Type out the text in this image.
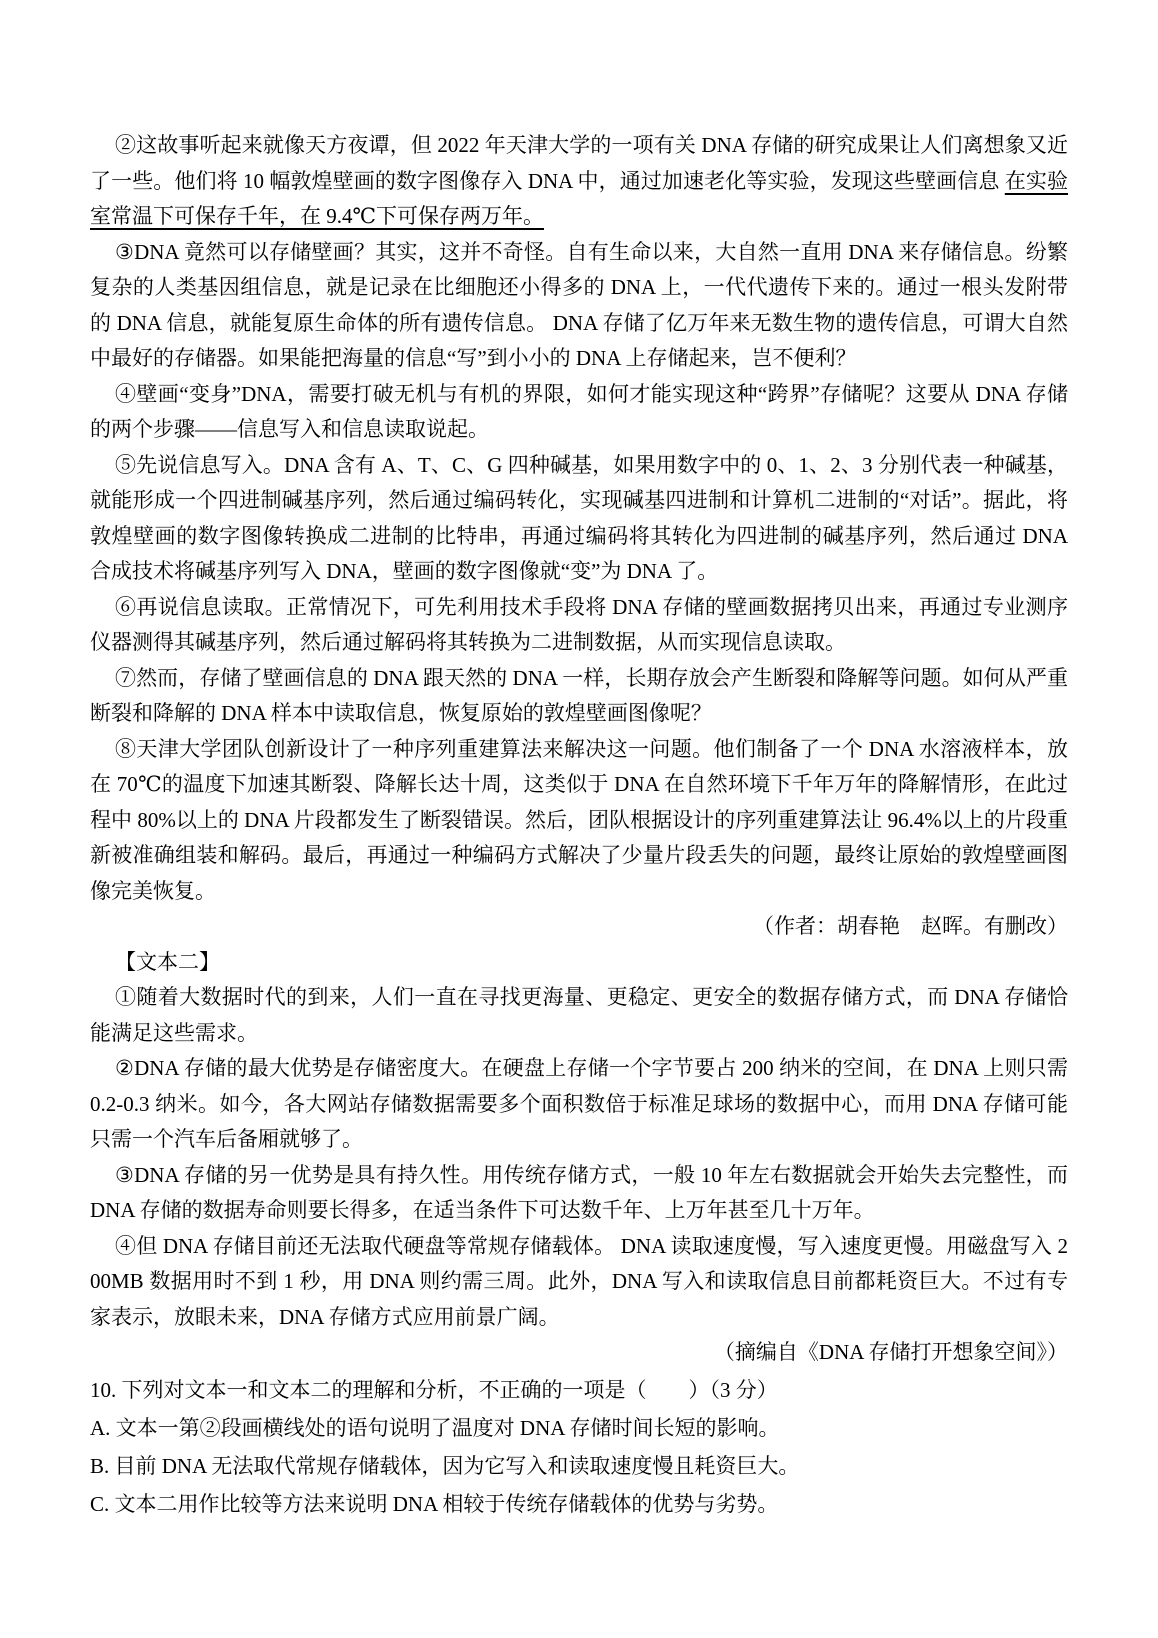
②这故事听起来就像天方夜谭，但 2022 年天津大学的一项有关 DNA 存储的研究成果让人们离想象又近了一些。他们将 10 幅敦煌壁画的数字图像存入 DNA 中，通过加速老化等实验，发现这些壁画信息 在实验室常温下可保存千年，在 9.4℃下可保存两万年。

③DNA 竟然可以存储壁画？其实，这并不奇怪。自有生命以来，大自然一直用 DNA 来存储信息。纷繁复杂的人类基因组信息，就是记录在比细胞还小得多的 DNA 上，一代代遗传下来的。通过一根头发附带的 DNA 信息，就能复原生命体的所有遗传信息。 DNA 存储了亿万年来无数生物的遗传信息，可谓大自然中最好的存储器。如果能把海量的信息“写”到小小的 DNA 上存储起来，岂不便利？

④壁画“变身”DNA，需要打破无机与有机的界限，如何才能实现这种“跨界”存储呢？这要从 DNA 存储的两个步骤——信息写入和信息读取说起。

⑤先说信息写入。DNA 含有 A、T、C、G 四种碱基，如果用数字中的 0、1、2、3 分别代表一种碱基，就能形成一个四进制碱基序列，然后通过编码转化，实现碱基四进制和计算机二进制的“对话”。据此，将敦煌壁画的数字图像转换成二进制的比特串，再通过编码将其转化为四进制的碱基序列，然后通过 DNA 合成技术将碱基序列写入 DNA，壁画的数字图像就“变”为 DNA 了。

⑥再说信息读取。正常情况下，可先利用技术手段将 DNA 存储的壁画数据拷贝出来，再通过专业测序仪器测得其碱基序列，然后通过解码将其转换为二进制数据，从而实现信息读取。

⑦然而，存储了壁画信息的 DNA 跟天然的 DNA 一样，长期存放会产生断裂和降解等问题。如何从严重断裂和降解的 DNA 样本中读取信息，恢复原始的敦煌壁画图像呢？

⑧天津大学团队创新设计了一种序列重建算法来解决这一问题。他们制备了一个 DNA 水溶液样本，放在 70℃的温度下加速其断裂、降解长达十周，这类似于 DNA 在自然环境下千年万年的降解情形，在此过程中 80%以上的 DNA 片段都发生了断裂错误。然后，团队根据设计的序列重建算法让 96.4%以上的片段重新被准确组装和解码。最后，再通过一种编码方式解决了少量片段丢失的问题，最终让原始的敦煌壁画图像完美恢复。

（作者：胡春艳　赵晖。有删改）

【文本二】

①随着大数据时代的到来，人们一直在寻找更海量、更稳定、更安全的数据存储方式，而 DNA 存储恰能满足这些需求。

②DNA 存储的最大优势是存储密度大。在硬盘上存储一个字节要占 200 纳米的空间，在 DNA 上则只需 0.2-0.3 纳米。如今，各大网站存储数据需要多个面积数倍于标准足球场的数据中心，而用 DNA 存储可能只需一个汽车后备厢就够了。

③DNA 存储的另一优势是具有持久性。用传统存储方式，一般 10 年左右数据就会开始失去完整性，而 DNA 存储的数据寿命则要长得多，在适当条件下可达数千年、上万年甚至几十万年。

④但 DNA 存储目前还无法取代硬盘等常规存储载体。 DNA 读取速度慢，写入速度更慢。用磁盘写入 200MB 数据用时不到 1 秒，用 DNA 则约需三周。此外，DNA 写入和读取信息目前都耗资巨大。不过有专家表示，放眼未来，DNA 存储方式应用前景广阔。

（摘编自《DNA 存储打开想象空间》）

10. 下列对文本一和文本二的理解和分析，不正确的一项是（　　）（3 分）

A. 文本一第②段画横线处的语句说明了温度对 DNA 存储时间长短的影响。

B. 目前 DNA 无法取代常规存储载体，因为它写入和读取速度慢且耗资巨大。

C. 文本二用作比较等方法来说明 DNA 相较于传统存储载体的优势与劣势。
